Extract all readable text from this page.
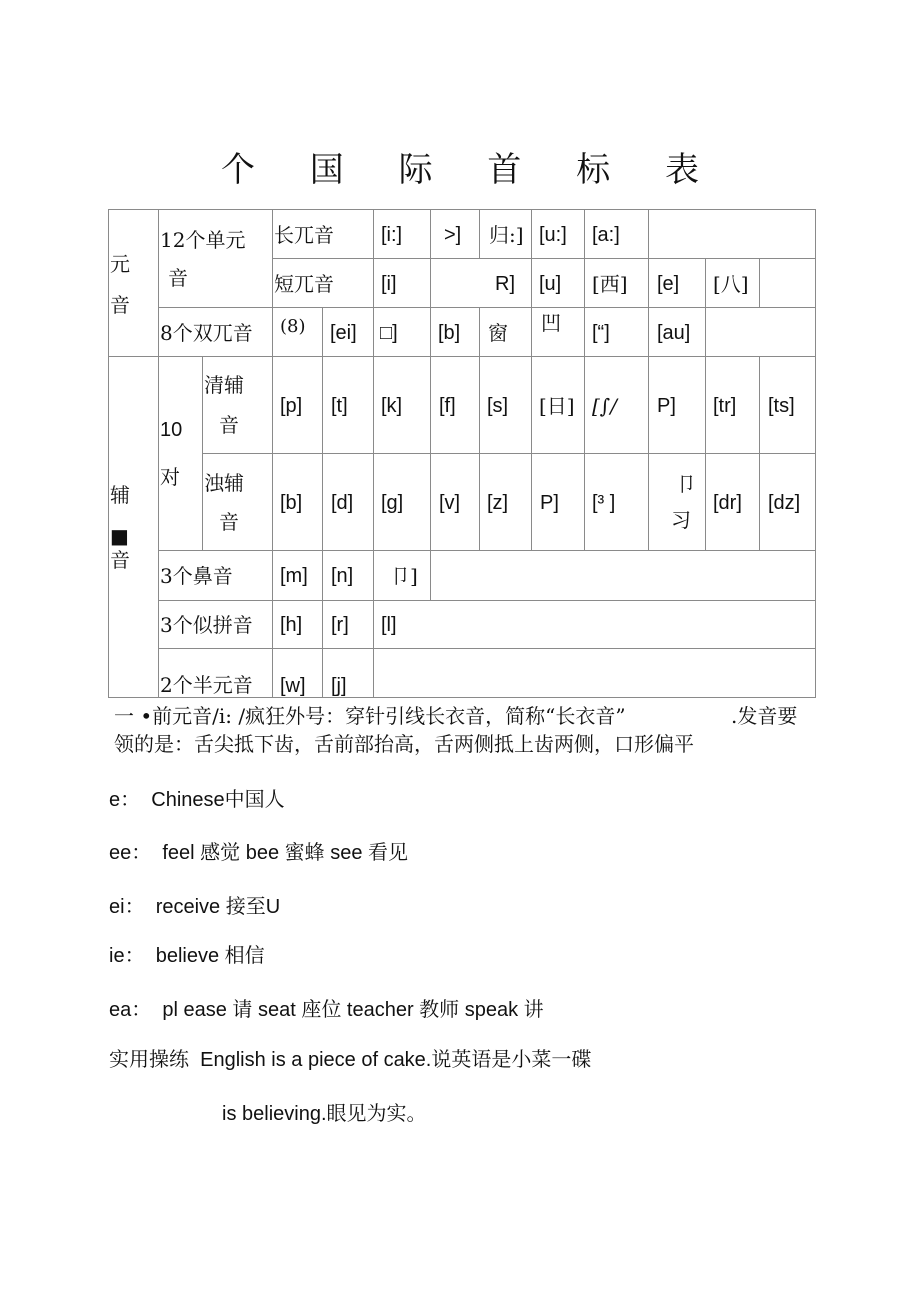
个 国 际 首 标 表
元
音
12个单元
音
长兀音 [i:] >] 归:] [u:] [a:]
短兀音 [i]	R] [u] [西] [e] [八]
8个双兀音 (8) [ei] □] [b] 窗 凹 [“] [au]
辅
■
音
10
对
清辅
音
[p] [t] [k] [f] [s] [日] [∫/ P] [tr] [ts]
浊辅
音
[b] [d] [g] [v] [z] P] [³ ]
卩
习
[dr] [dz]
3个鼻音 [m] [n] 卩]
3个似拼音 [h] [r] [l]
2个半元音 [w] [j]
一 •前元音/i: /疯狂外号：穿针引线长衣音，简称“长衣音”	.发音要
领的是：舌尖抵下齿，舌前部抬高，舌两侧抵上齿两侧，口形偏平
e： Chinese中国人
ee： feel 感觉 bee 蜜蜂 see 看见
ei： receive 接至U
ie： believe 相信
ea： pl ease 请 seat 座位 teacher 教师 speak 讲
实用操练 English is a piece of cake.说英语是小菜一碟
is believing.眼见为实。
